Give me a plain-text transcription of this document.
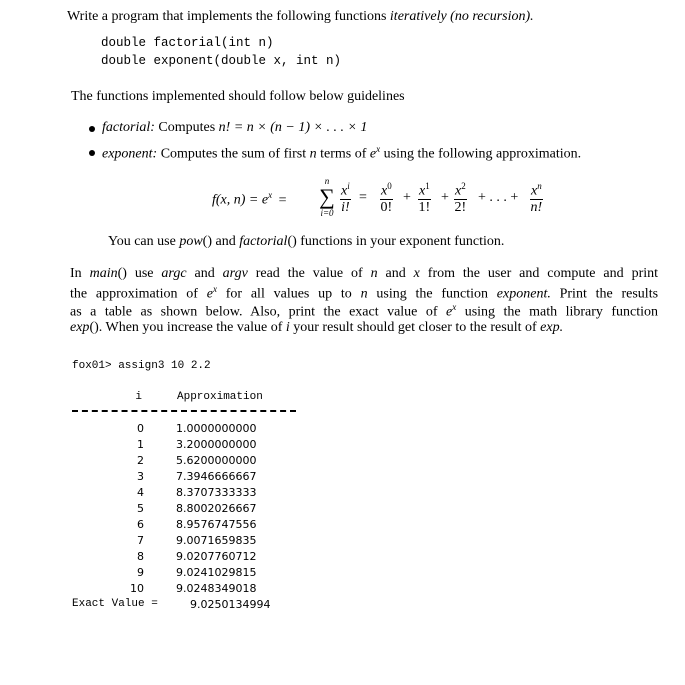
Write a program that implements the following functions iteratively (no recursion).
double factorial(int n)
double exponent(double x, int n)
The functions implemented should follow below guidelines
factorial: Computes n! = n × (n − 1) × . . . × 1
exponent: Computes the sum of first n terms of $e^x$ using the following approximation.
f(x, $n) = e^x$ =
n
∑
$i=0 \frac{x^i}{i!} = \frac{x^0}{0!} + \frac{x^1}{1!} + \frac{x^2}{2!}$ + . . . + $\frac{x^n}{n!}$
You can use pow() and factorial() functions in your exponent function.
In main() use argc and argv read the value of n and x from the user and compute and print
the approximation of $e^x$ for all values up to n using the function exponent. Print the results
as a table as shown below. Also, print the exact value of $e^x$ using the math library function
exp(). When you increase the value of i your result should get closer to the result of exp.
fox01> assign3 10 2.2
i	Approximation
0	1.0000000000
1	3.2000000000
2	5.6200000000
3	7.3946666667
4	8.3707333333
5	8.8002026667
6	8.9576747556
7	9.0071659835
8	9.0207760712
9	9.0241029815
10	9.0248349018
Exact Value =	9.0250134994
